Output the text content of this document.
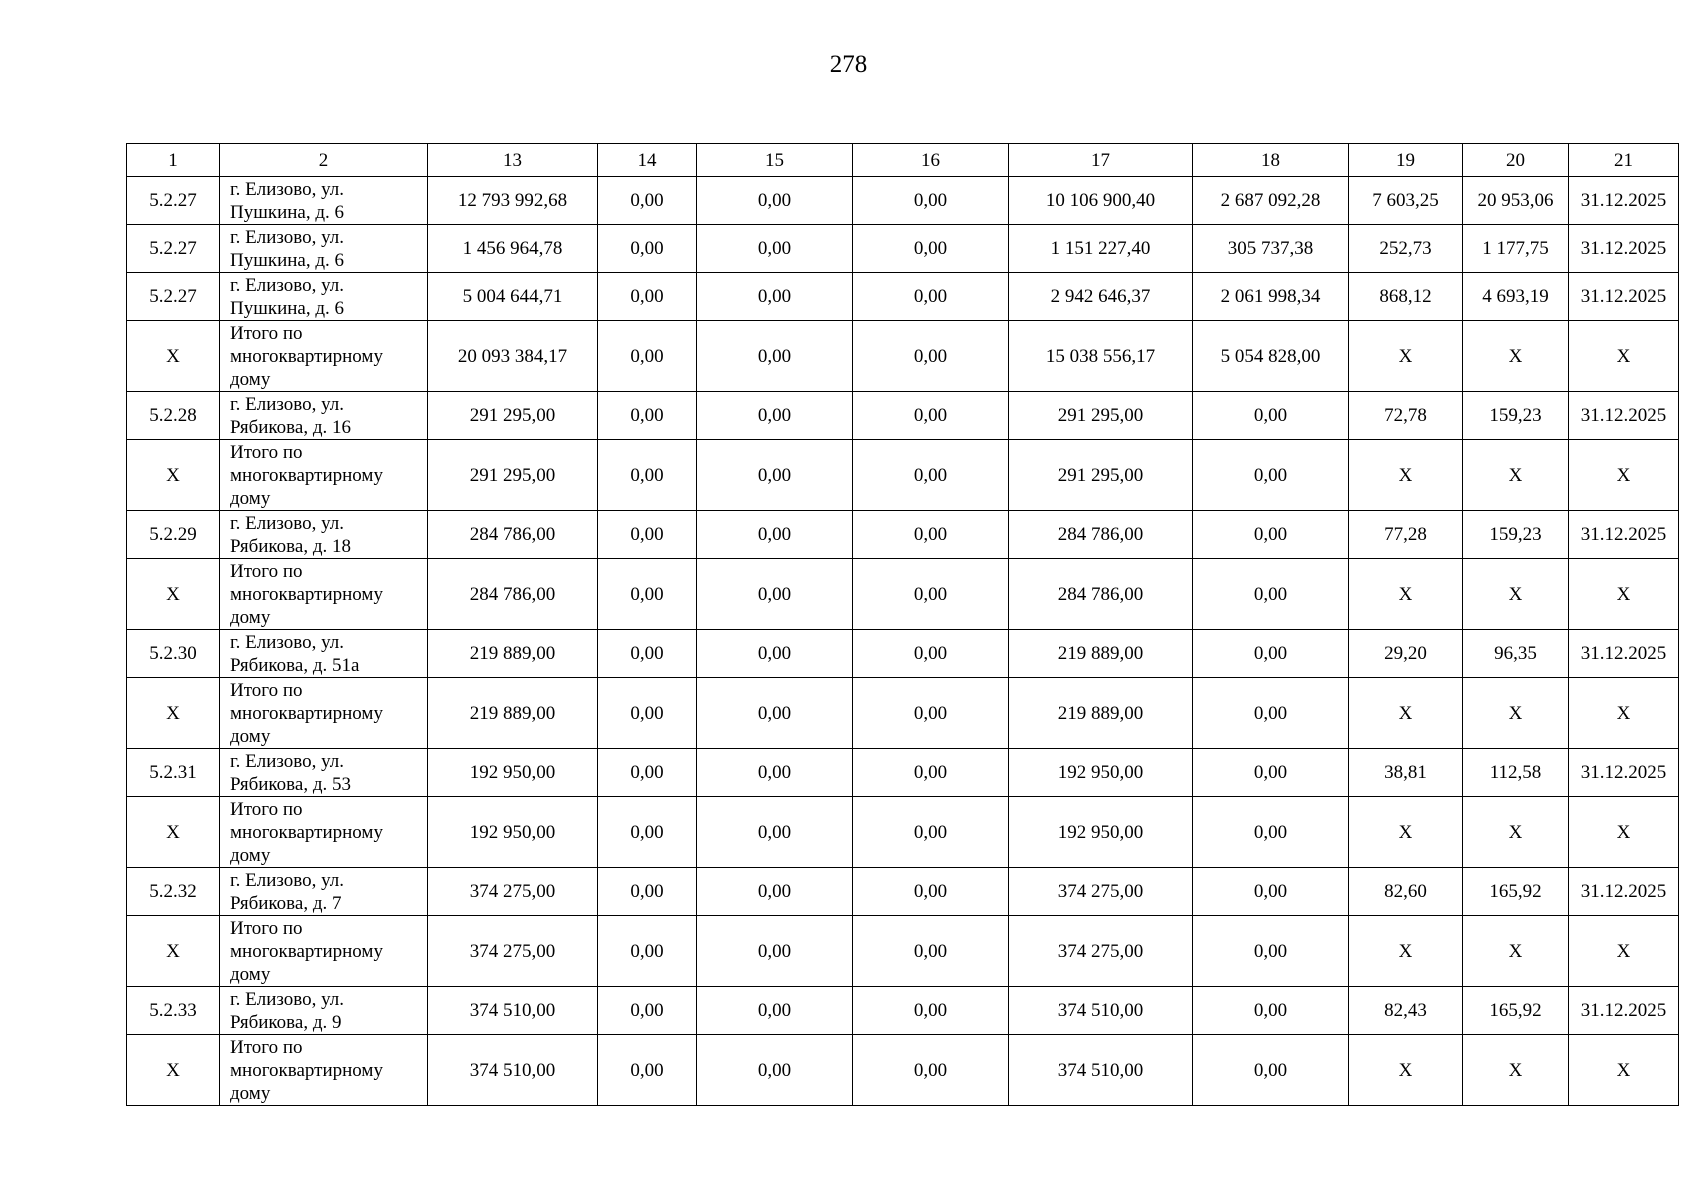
278
1	2	13	14	15	16	17	18	19	20	21
5.2.27	г. Елизово, ул. Пушкина, д. 6	12 793 992,68	0,00	0,00	0,00	10 106 900,40	2 687 092,28	7 603,25	20 953,06	31.12.2025
5.2.27	г. Елизово, ул. Пушкина, д. 6	1 456 964,78	0,00	0,00	0,00	1 151 227,40	305 737,38	252,73	1 177,75	31.12.2025
5.2.27	г. Елизово, ул. Пушкина, д. 6	5 004 644,71	0,00	0,00	0,00	2 942 646,37	2 061 998,34	868,12	4 693,19	31.12.2025
X	Итого по многоквартирному дому	20 093 384,17	0,00	0,00	0,00	15 038 556,17	5 054 828,00	X	X	X
5.2.28	г. Елизово, ул. Рябикова, д. 16	291 295,00	0,00	0,00	0,00	291 295,00	0,00	72,78	159,23	31.12.2025
X	Итого по многоквартирному дому	291 295,00	0,00	0,00	0,00	291 295,00	0,00	X	X	X
5.2.29	г. Елизово, ул. Рябикова, д. 18	284 786,00	0,00	0,00	0,00	284 786,00	0,00	77,28	159,23	31.12.2025
X	Итого по многоквартирному дому	284 786,00	0,00	0,00	0,00	284 786,00	0,00	X	X	X
5.2.30	г. Елизово, ул. Рябикова, д. 51а	219 889,00	0,00	0,00	0,00	219 889,00	0,00	29,20	96,35	31.12.2025
X	Итого по многоквартирному дому	219 889,00	0,00	0,00	0,00	219 889,00	0,00	X	X	X
5.2.31	г. Елизово, ул. Рябикова, д. 53	192 950,00	0,00	0,00	0,00	192 950,00	0,00	38,81	112,58	31.12.2025
X	Итого по многоквартирному дому	192 950,00	0,00	0,00	0,00	192 950,00	0,00	X	X	X
5.2.32	г. Елизово, ул. Рябикова, д. 7	374 275,00	0,00	0,00	0,00	374 275,00	0,00	82,60	165,92	31.12.2025
X	Итого по многоквартирному дому	374 275,00	0,00	0,00	0,00	374 275,00	0,00	X	X	X
5.2.33	г. Елизово, ул. Рябикова, д. 9	374 510,00	0,00	0,00	0,00	374 510,00	0,00	82,43	165,92	31.12.2025
X	Итого по многоквартирному дому	374 510,00	0,00	0,00	0,00	374 510,00	0,00	X	X	X
